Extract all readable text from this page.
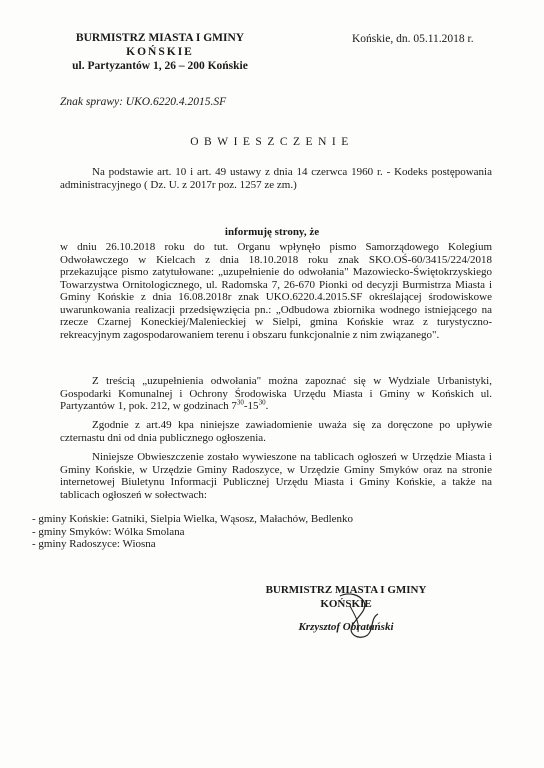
BURMISTRZ MIASTA I GMINY
KOŃSKIE
ul. Partyzantów 1, 26 – 200 Końskie
Końskie, dn. 05.11.2018 r.
Znak sprawy: UKO.6220.4.2015.SF
OBWIESZCZENIE
Na podstawie art. 10 i art. 49 ustawy z dnia 14 czerwca 1960 r. - Kodeks postępowania administracyjnego ( Dz. U. z 2017r poz. 1257 ze zm.)
informuję strony, że
w dniu 26.10.2018 roku do tut. Organu wpłynęło pismo Samorządowego Kolegium Odwoławczego w Kielcach z dnia 18.10.2018 roku znak SKO.OŚ-60/3415/224/2018 przekazujące pismo zatytułowane: „uzupełnienie do odwołania" Mazowiecko-Świętokrzyskiego Towarzystwa Ornitologicznego, ul. Radomska 7, 26-670 Pionki od decyzji Burmistrza Miasta i Gminy Końskie z dnia 16.08.2018r znak UKO.6220.4.2015.SF określającej środowiskowe uwarunkowania realizacji przedsięwzięcia pn.: „Odbudowa zbiornika wodnego istniejącego na rzecze Czarnej Koneckiej/Malenieckiej w Sielpi, gmina Końskie wraz z turystyczno-rekreacyjnym zagospodarowaniem terenu i obszaru funkcjonalnie z nim związanego".
Z treścią „uzupełnienia odwołania" można zapoznać się w Wydziale Urbanistyki, Gospodarki Komunalnej i Ochrony Środowiska Urzędu Miasta i Gminy w Końskich ul. Partyzantów 1, pok. 212, w godzinach $7^{30}-15^{30}$.
Zgodnie z art.49 kpa niniejsze zawiadomienie uważa się za doręczone po upływie czternastu dni od dnia publicznego ogłoszenia.
Niniejsze Obwieszczenie zostało wywieszone na tablicach ogłoszeń w Urzędzie Miasta i Gminy Końskie, w Urzędzie Gminy Radoszyce, w Urzędzie Gminy Smyków oraz na stronie internetowej Biuletynu Informacji Publicznej Urzędu Miasta i Gminy Końskie, a także na tablicach ogłoszeń w sołectwach:
- gminy Końskie: Gatniki, Sielpia Wielka, Wąsosz, Małachów, Bedlenko
- gminy Smyków: Wólka Smolana
- gminy Radoszyce: Wiosna
BURMISTRZ MIASTA I GMINY
KOŃSKIE
Krzysztof Obratański
